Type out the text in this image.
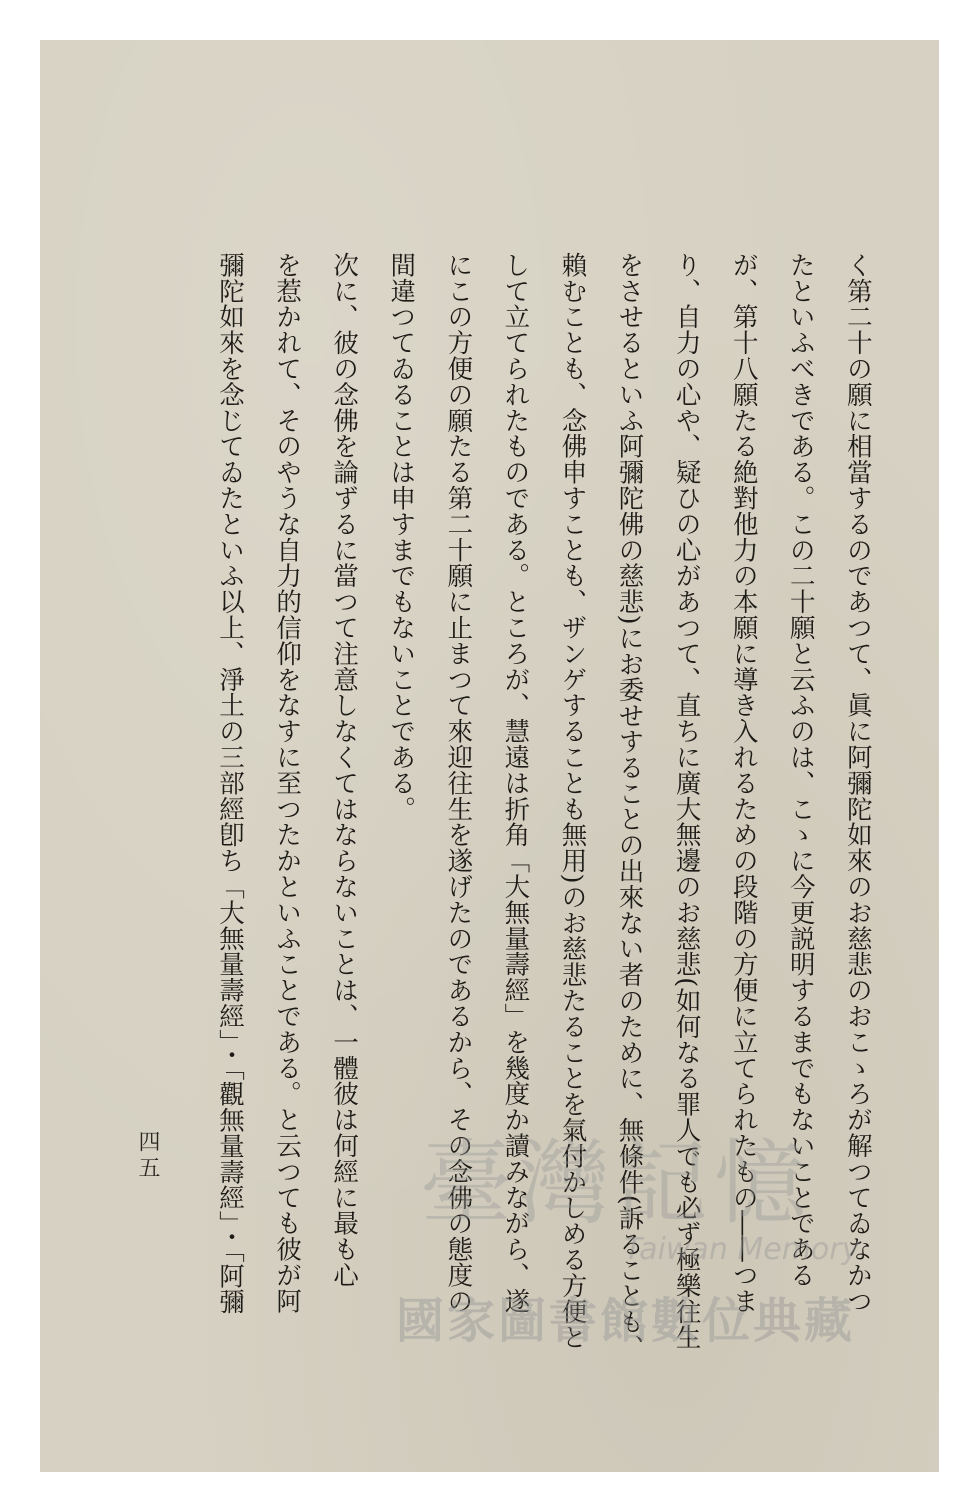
く第二十の願に相當するのであつて、眞に阿彌陀如來のお慈悲のおこゝろが解つてゐなかつ
たといふべきである。この二十願と云ふのは、こゝに今更説明するまでもないことである
が、第十八願たる絶對他力の本願に導き入れるための段階の方便に立てられたもの――つま
り、自力の心や、疑ひの心があつて、直ちに廣大無邊のお慈悲(如何なる罪人でも必ず極樂往生
をさせるといふ阿彌陀佛の慈悲)にお委せすることの出來ない者のために、無條件(訴ることも、
賴むことも、念佛申すことも、ザンゲすることも無用)のお慈悲たることを氣付かしめる方便と
して立てられたものである。ところが、慧遠は折角「大無量壽經」を幾度か讀みながら、遂
にこの方便の願たる第二十願に止まつて來迎往生を遂げたのであるから、その念佛の態度の
間違つてゐることは申すまでもないことである。
次に、彼の念佛を論ずるに當つて注意しなくてはならないことは、一體彼は何經に最も心
を惹かれて、そのやうな自力的信仰をなすに至つたかといふことである。と云つても彼が阿
彌陀如來を念じてゐたといふ以上、淨土の三部經卽ち「大無量壽經」・「觀無量壽經」・「阿彌
四五	臺灣記憶
Taiwan Memory
國家圖書館數位典藏
